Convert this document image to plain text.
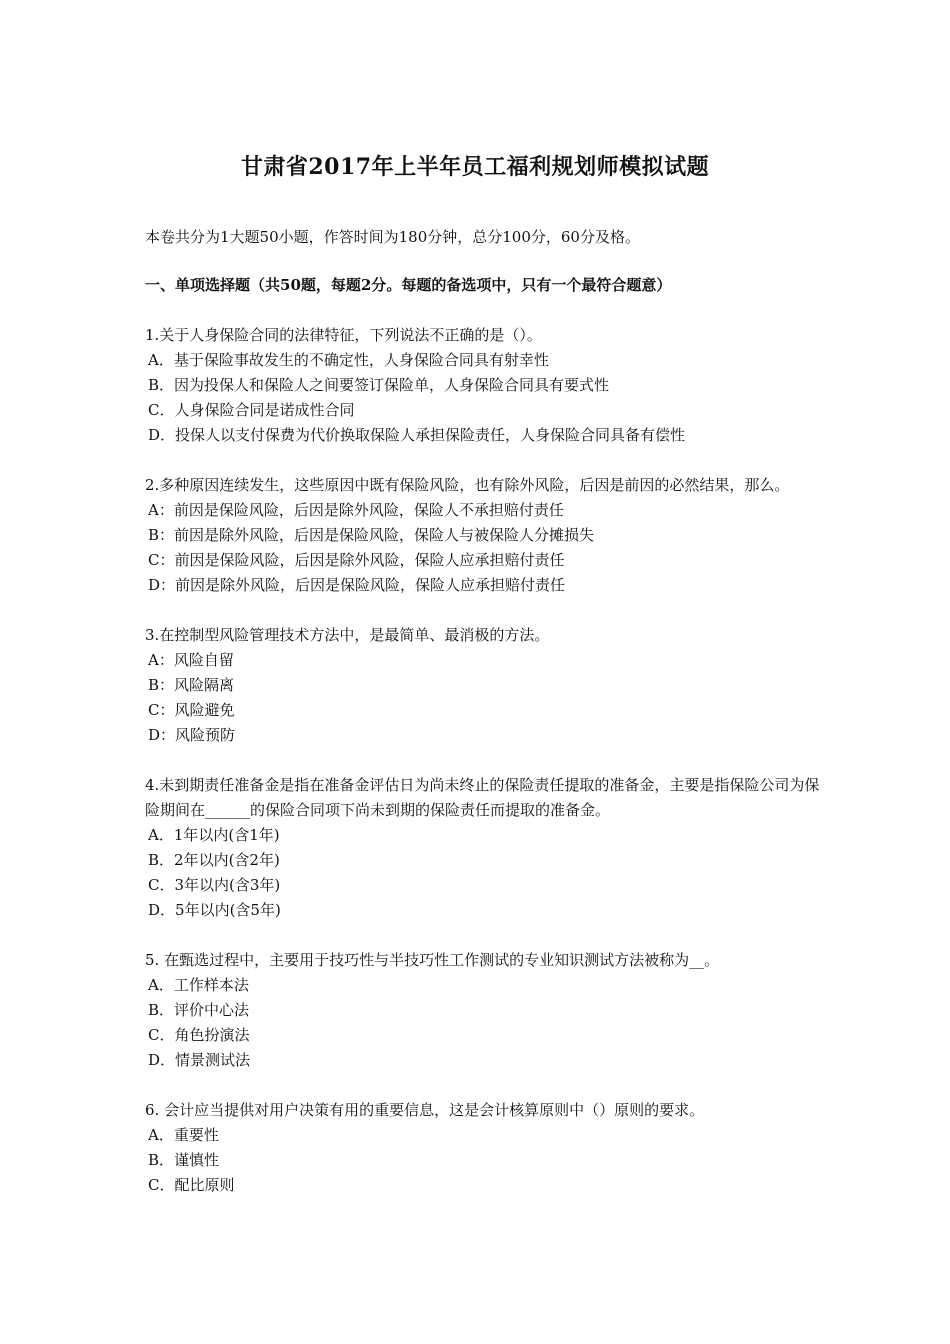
甘肃省2017年上半年员工福利规划师模拟试题
本卷共分为1大题50小题，作答时间为180分钟，总分100分，60分及格。
一、单项选择题（共50题，每题2分。每题的备选项中，只有一个最符合题意）

1.关于人身保险合同的法律特征，下列说法不正确的是（）。

A．基于保险事故发生的不确定性，人身保险合同具有射幸性

B．因为投保人和保险人之间要签订保险单，人身保险合同具有要式性

C．人身保险合同是诺成性合同

D．投保人以支付保费为代价换取保险人承担保险责任，人身保险合同具备有偿性

2.多种原因连续发生，这些原因中既有保险风险，也有除外风险，后因是前因的必然结果，那么。

A：前因是保险风险，后因是除外风险，保险人不承担赔付责任

B：前因是除外风险，后因是保险风险，保险人与被保险人分摊损失

C：前因是保险风险，后因是除外风险，保险人应承担赔付责任

D：前因是除外风险，后因是保险风险，保险人应承担赔付责任

3.在控制型风险管理技术方法中，是最简单、最消极的方法。

A：风险自留

B：风险隔离

C：风险避免

D：风险预防

4.未到期责任准备金是指在准备金评估日为尚未终止的保险责任提取的准备金，主要是指保险公司为保险期间在______的保险合同项下尚未到期的保险责任而提取的准备金。

A．1年以内(含1年)

B．2年以内(含2年)

C．3年以内(含3年)

D．5年以内(含5年)

5. 在甄选过程中，主要用于技巧性与半技巧性工作测试的专业知识测试方法被称为__。

A．工作样本法

B．评价中心法

C．角色扮演法

D．情景测试法

6. 会计应当提供对用户决策有用的重要信息，这是会计核算原则中（）原则的要求。

A．重要性

B．谨慎性

C．配比原则
